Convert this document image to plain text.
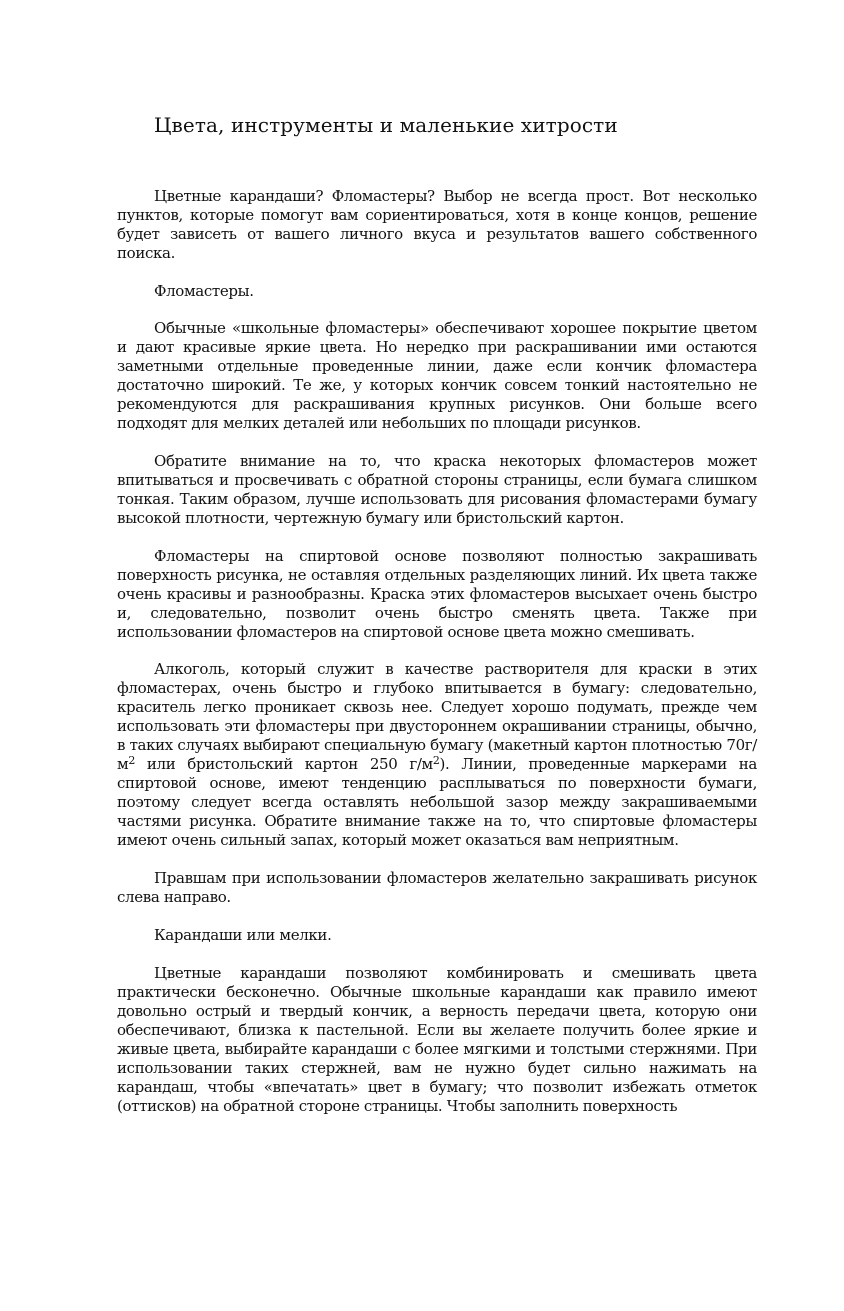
Цвета, инструменты и маленькие хитрости

Цветные карандаши? Фломастеры? Выбор не всегда прост. Вот несколько пунктов, которые помогут вам сориентироваться, хотя в конце концов, решение будет зависеть от вашего личного вкуса и результатов вашего собственного поиска.

Фломастеры.

Обычные «школьные фломастеры» обеспечивают хорошее покрытие цветом и дают красивые яркие цвета. Но нередко при раскрашивании ими остаются заметными отдельные проведенные линии, даже если кончик фломастера достаточно широкий. Те же, у которых кончик совсем тонкий настоятельно не рекомендуются для раскрашивания крупных рисунков. Они больше всего подходят для мелких деталей или небольших по площади рисунков.

Обратите внимание на то, что краска некоторых фломастеров может впитываться и просвечивать с обратной стороны страницы, если бумага слишком тонкая. Таким образом, лучше использовать для рисования фломастерами бумагу высокой плотности, чертежную бумагу или бристольский картон.

Фломастеры на спиртовой основе позволяют полностью закрашивать поверхность рисунка, не оставляя отдельных разделяющих линий. Их цвета также очень красивы и разнообразны. Краска этих фломастеров высыхает очень быстро и, следовательно, позволит очень быстро сменять цвета. Также при использовании фломастеров на спиртовой основе цвета можно смешивать.

Алкоголь, который служит в качестве растворителя для краски в этих фломастерах, очень быстро и глубоко впитывается в бумагу: следовательно, краситель легко проникает сквозь нее. Следует хорошо подумать, прежде чем использовать эти фломастеры при двустороннем окрашивании страницы, обычно, в таких случаях выбирают специальную бумагу (макетный картон плотностью $70г/м^2$ или бристольский картон 250 $г/м^2$). Линии, проведенные маркерами на спиртовой основе, имеют тенденцию расплываться по поверхности бумаги, поэтому следует всегда оставлять небольшой зазор между закрашиваемыми частями рисунка. Обратите внимание также на то, что спиртовые фломастеры имеют очень сильный запах, который может оказаться вам неприятным.

Правшам при использовании фломастеров желательно закрашивать рисунок слева направо.

Карандаши или мелки.

Цветные карандаши позволяют комбинировать и смешивать цвета практически бесконечно. Обычные школьные карандаши как правило имеют довольно острый и твердый кончик, а верность передачи цвета, которую они обеспечивают, близка к пастельной. Если вы желаете получить более яркие и живые цвета, выбирайте карандаши с более мягкими и толстыми стержнями. При использовании таких стержней, вам не нужно будет сильно нажимать на карандаш, чтобы «впечатать» цвет в бумагу; что позволит избежать отметок (оттисков) на обратной стороне страницы. Чтобы заполнить поверхность
